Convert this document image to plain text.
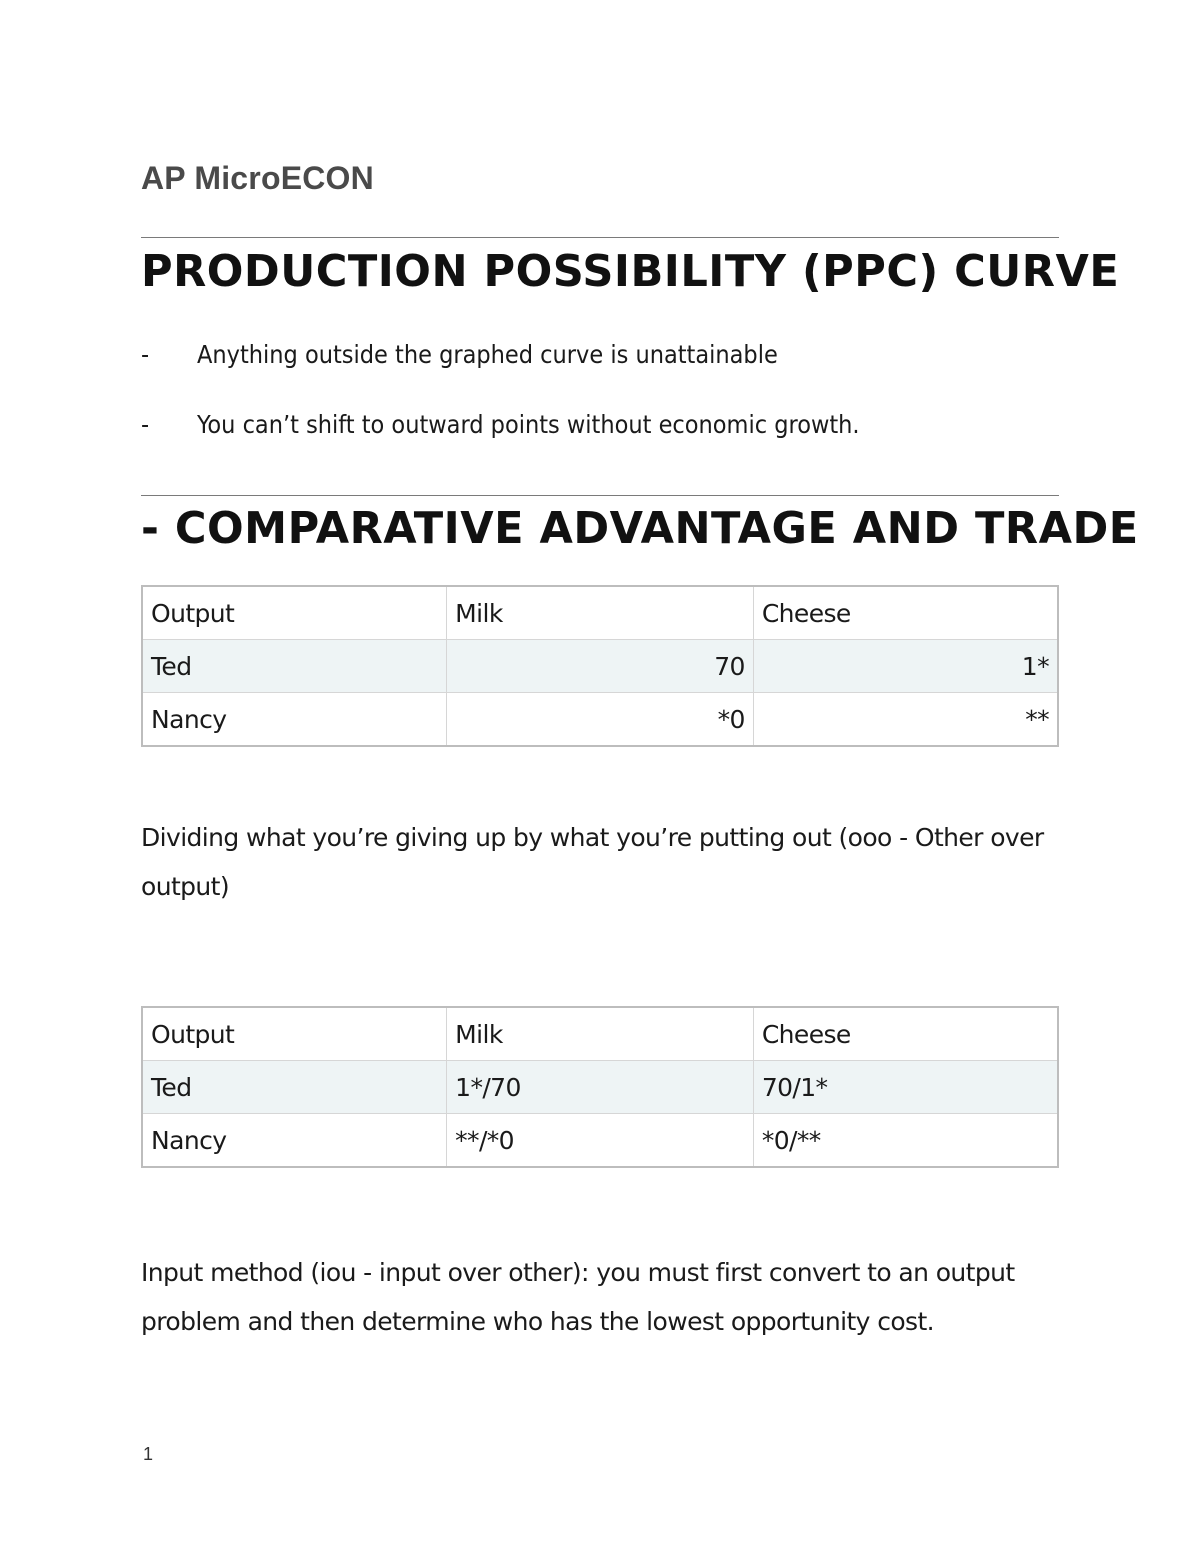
AP MicroECON
PRODUCTION POSSIBILITY (PPC) CURVE
- Anything outside the graphed curve is unattainable
- You can’t shift to outward points without economic growth.
- COMPARATIVE ADVANTAGE AND TRADE
Output	Milk	Cheese
Ted	70	1*
Nancy	*0	**
Dividing what you’re giving up by what you’re putting out (ooo - Other over output)
Output	Milk	Cheese
Ted	1*/70	70/1*
Nancy	**/*0	*0/**
Input method (iou - input over other): you must first convert to an output problem and then determine who has the lowest opportunity cost.
1
